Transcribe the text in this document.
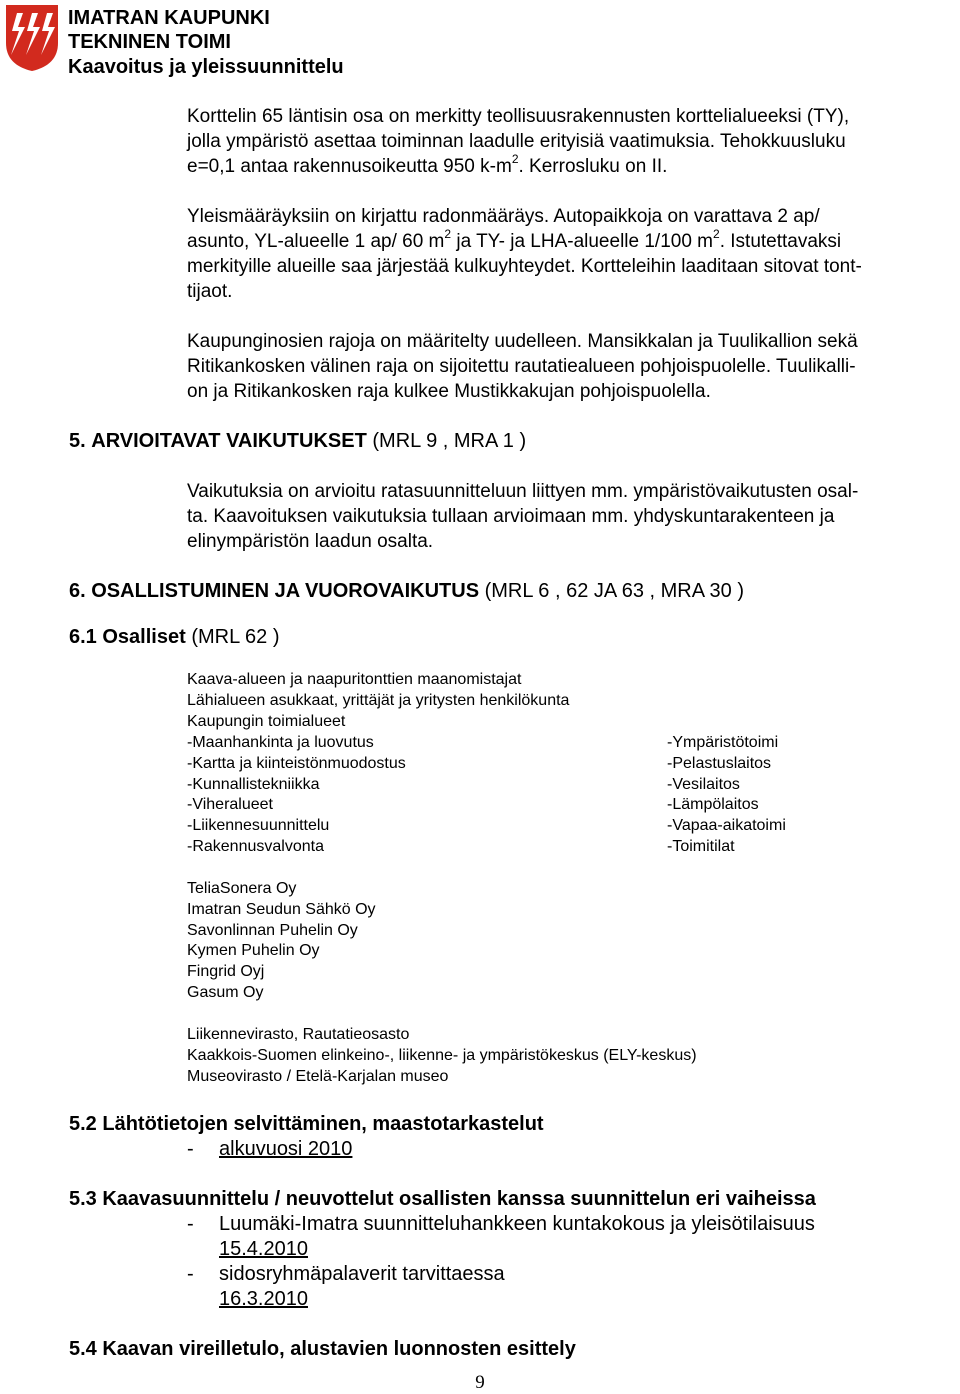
IMATRAN KAUPUNKI
TEKNINEN TOIMI
Kaavoitus ja yleissuunnittelu
Korttelin 65 läntisin osa on merkitty teollisuusrakennusten korttelialueeksi (TY),
jolla ympäristö asettaa toiminnan laadulle erityisiä vaatimuksia. Tehokkuusluku
e=0,1 antaa rakennusoikeutta 950 $k-m^2$. Kerrosluku on II.
Yleismääräyksiin on kirjattu radonmääräys. Autopaikkoja on varattava 2 ap/
asunto, YL-alueelle 1 ap/ 60 $m^2$ ja TY- ja LHA-alueelle 1/100 $m^2$. Istutettavaksi
merkityille alueille saa järjestää kulkuyhteydet. Kortteleihin laaditaan sitovat tont-
tijaot.
Kaupunginosien rajoja on määritelty uudelleen. Mansikkalan ja Tuulikallion sekä
Ritikankosken välinen raja on sijoitettu rautatiealueen pohjoispuolelle. Tuulikalli-
on ja Ritikankosken raja kulkee Mustikkakujan pohjoispuolella.
5. ARVIOITAVAT VAIKUTUKSET (MRL 9 , MRA 1 )
Vaikutuksia on arvioitu ratasuunnitteluun liittyen mm. ympäristövaikutusten osal-
ta. Kaavoituksen vaikutuksia tullaan arvioimaan mm. yhdyskuntarakenteen ja
elinympäristön laadun osalta.
6. OSALLISTUMINEN JA VUOROVAIKUTUS (MRL 6 , 62 JA 63 , MRA 30 )
6.1 Osalliset (MRL 62 )
Kaava-alueen ja naapuritonttien maanomistajat
Lähialueen asukkaat, yrittäjät ja yritysten henkilökunta
Kaupungin toimialueet
-Maanhankinta ja luovutus
-Kartta ja kiinteistönmuodostus
-Kunnallistekniikka
-Viheralueet
-Liikennesuunnittelu
-Rakennusvalvonta
-Ympäristötoimi
-Pelastuslaitos
-Vesilaitos
-Lämpölaitos
-Vapaa-aikatoimi
-Toimitilat
TeliaSonera Oy
Imatran Seudun Sähkö Oy
Savonlinnan Puhelin Oy
Kymen Puhelin Oy
Fingrid Oyj
Gasum Oy
Liikennevirasto, Rautatieosasto
Kaakkois-Suomen elinkeino-, liikenne- ja ympäristökeskus (ELY-keskus)
Museovirasto / Etelä-Karjalan museo
5.2 Lähtötietojen selvittäminen, maastotarkastelut
- alkuvuosi 2010
5.3 Kaavasuunnittelu / neuvottelut osallisten kanssa suunnittelun eri vaiheissa
- Luumäki-Imatra suunnitteluhankkeen kuntakokous ja yleisötilaisuus
15.4.2010
- sidosryhmäpalaverit tarvittaessa
16.3.2010
5.4 Kaavan vireilletulo, alustavien luonnosten esittely
9
